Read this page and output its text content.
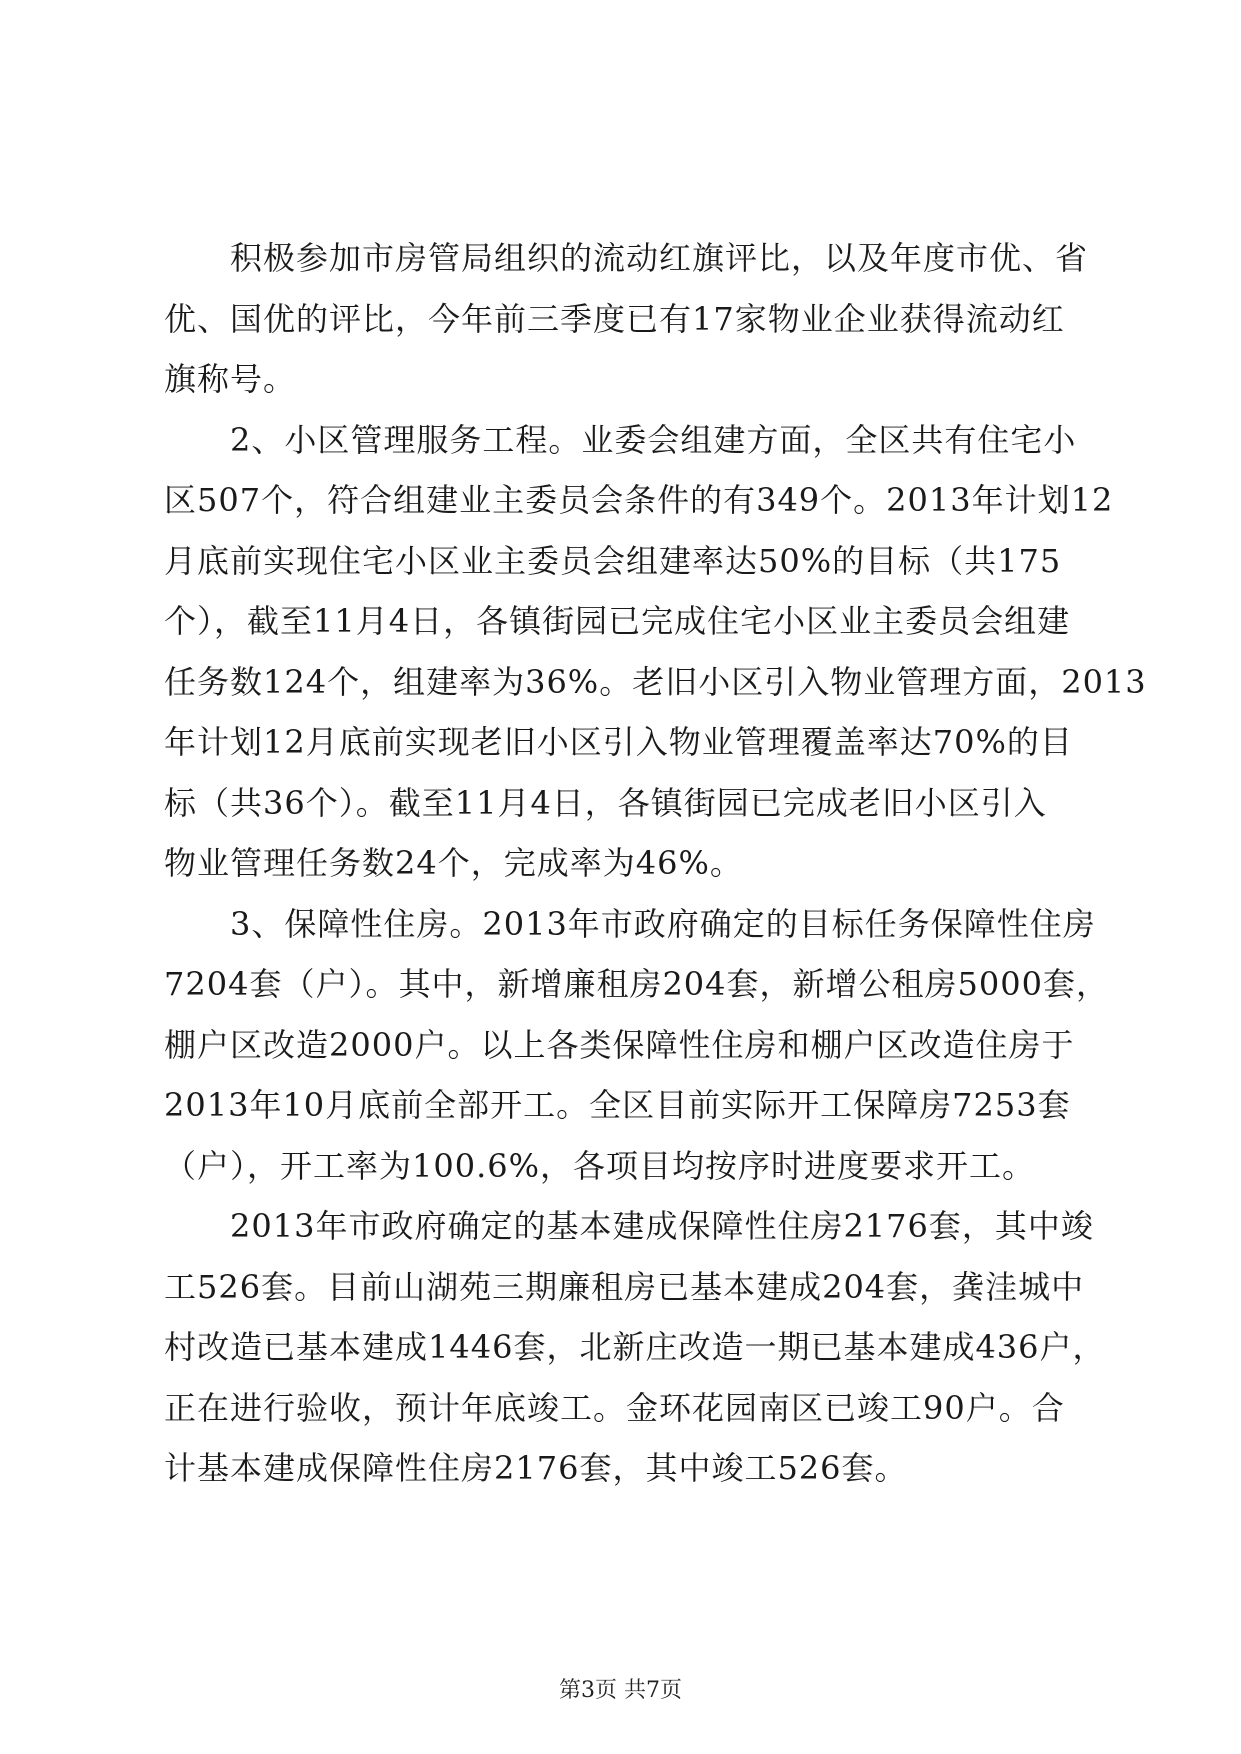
　　积极参加市房管局组织的流动红旗评比，以及年度市优、省
优、国优的评比，今年前三季度已有17家物业企业获得流动红
旗称号。

　　2、小区管理服务工程。业委会组建方面，全区共有住宅小
区507个，符合组建业主委员会条件的有349个。2013年计划12
月底前实现住宅小区业主委员会组建率达50%的目标（共175
个），截至11月4日，各镇街园已完成住宅小区业主委员会组建
任务数124个，组建率为36%。老旧小区引入物业管理方面，2013
年计划12月底前实现老旧小区引入物业管理覆盖率达70%的目
标（共36个）。截至11月4日，各镇街园已完成老旧小区引入
物业管理任务数24个，完成率为46%。

　　3、保障性住房。2013年市政府确定的目标任务保障性住房
7204套（户）。其中，新增廉租房204套，新增公租房5000套，
棚户区改造2000户。以上各类保障性住房和棚户区改造住房于
2013年10月底前全部开工。全区目前实际开工保障房7253套
（户），开工率为100.6%，各项目均按序时进度要求开工。

　　2013年市政府确定的基本建成保障性住房2176套，其中竣
工526套。目前山湖苑三期廉租房已基本建成204套，龚洼城中
村改造已基本建成1446套，北新庄改造一期已基本建成436户，
正在进行验收，预计年底竣工。金环花园南区已竣工90户。合
计基本建成保障性住房2176套，其中竣工526套。

第3页 共7页
